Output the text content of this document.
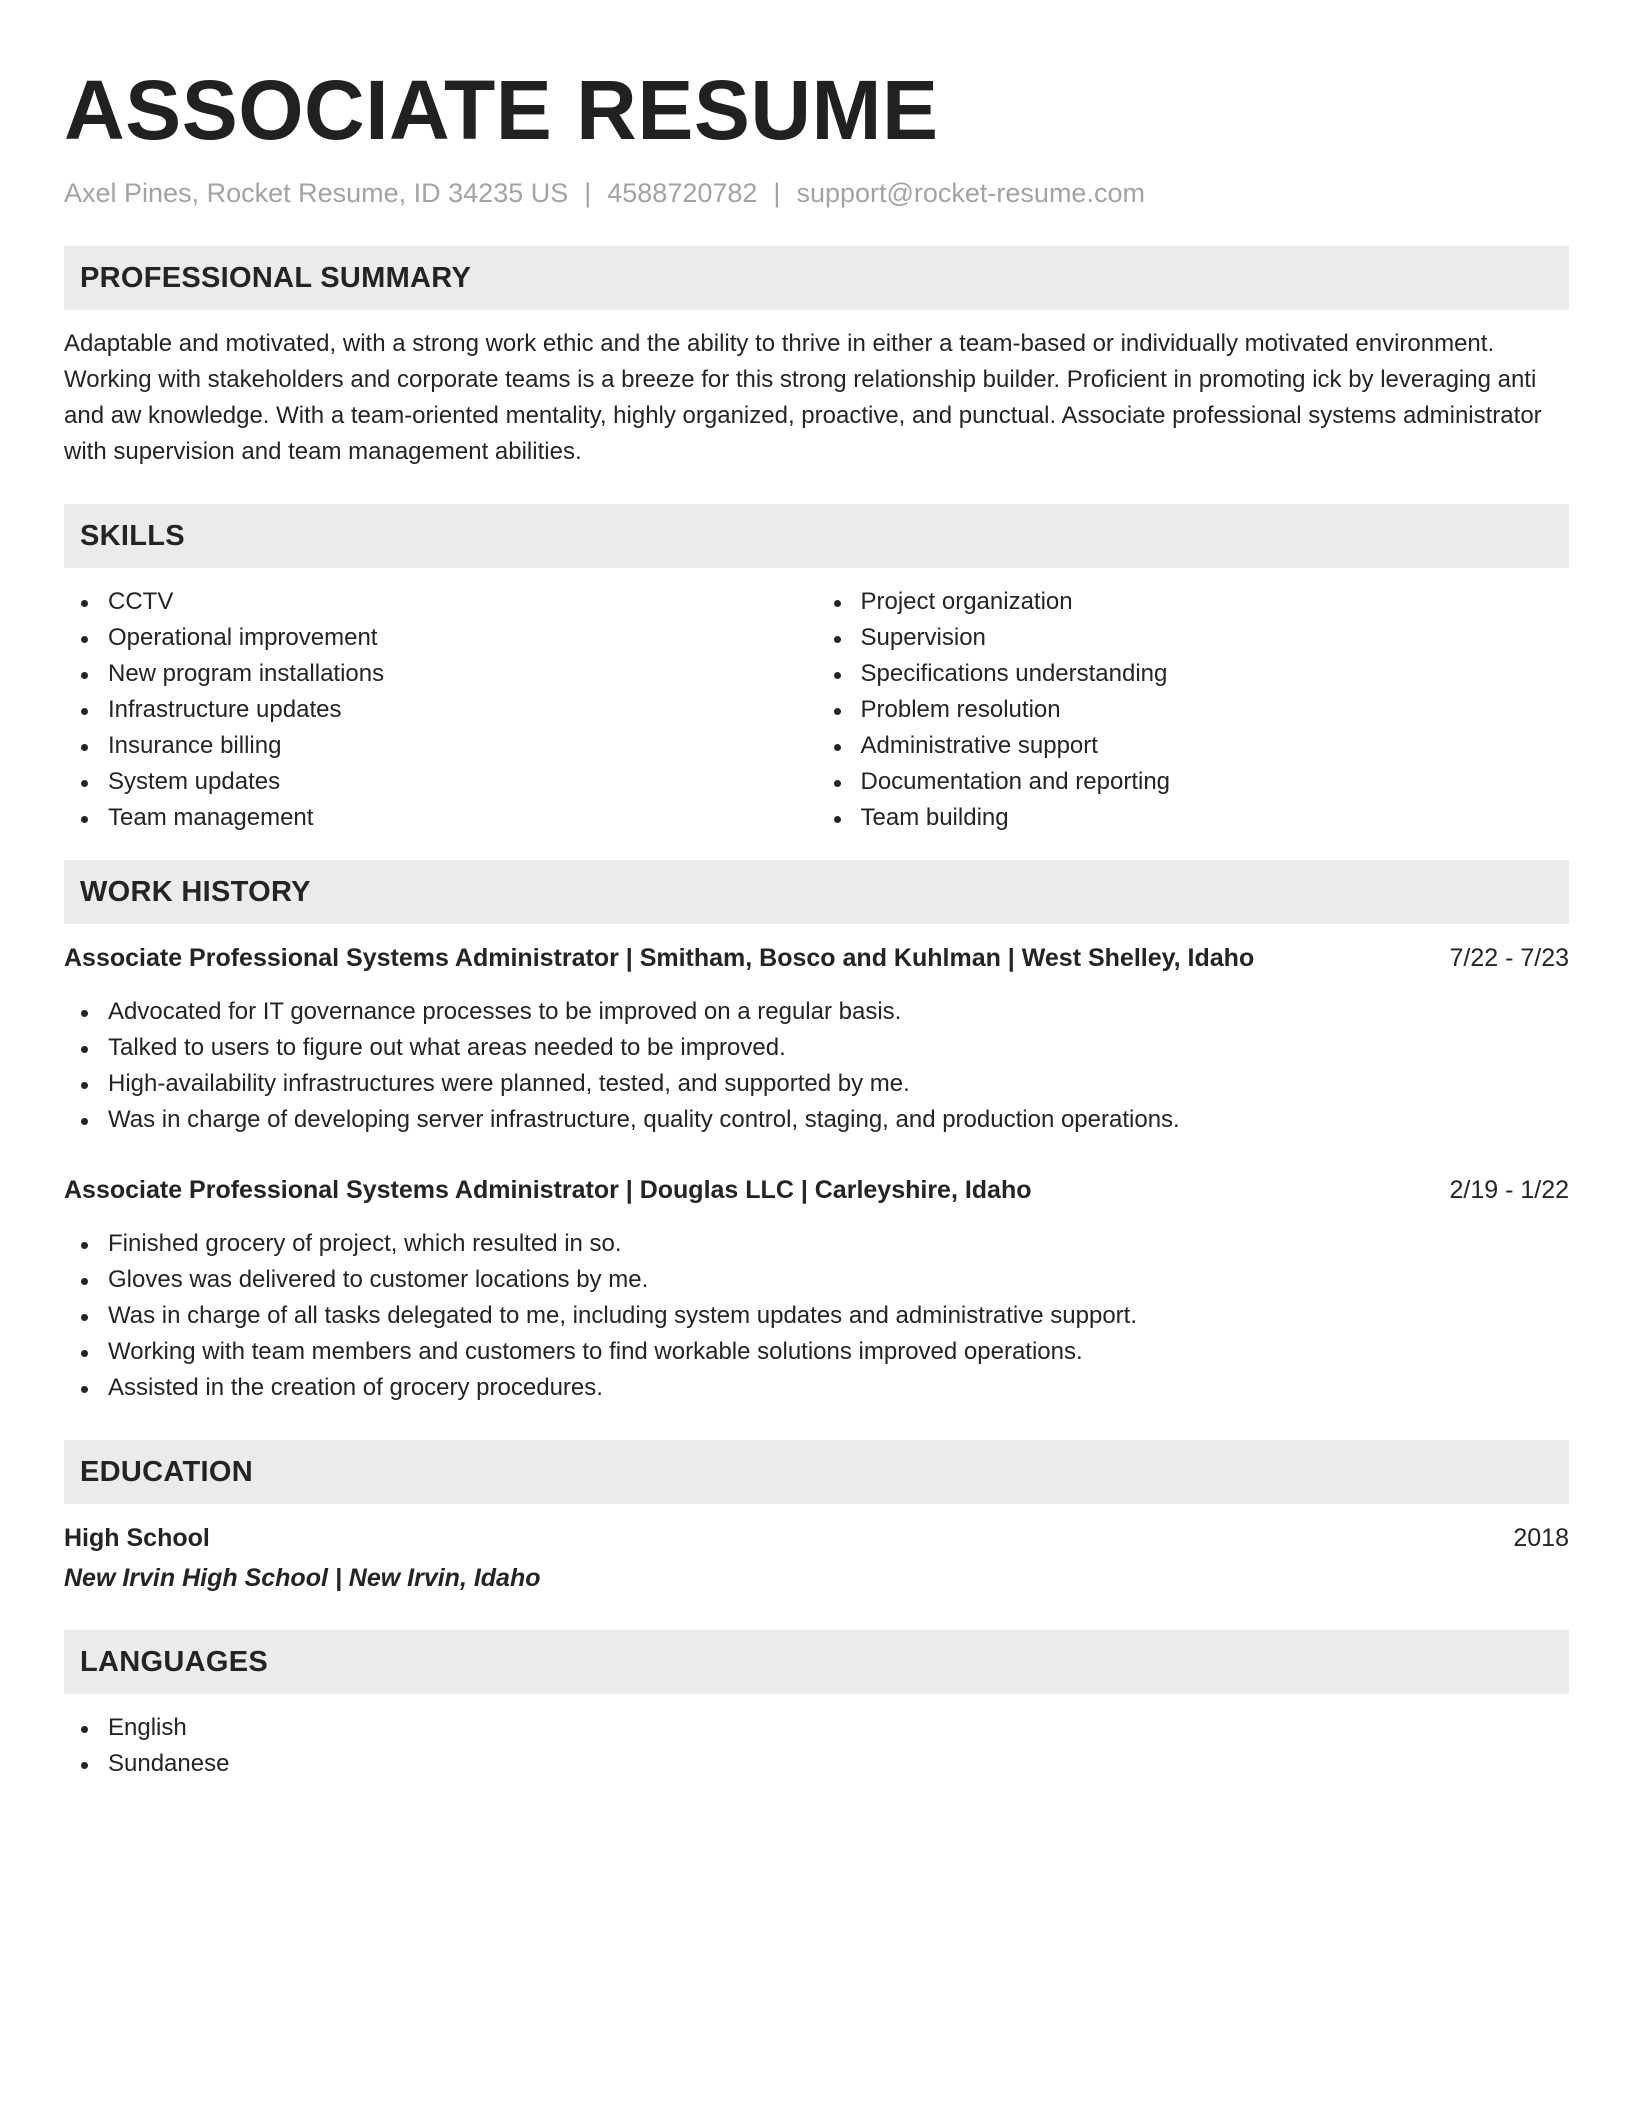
ASSOCIATE RESUME
Axel Pines, Rocket Resume, ID 34235 US | 4588720782 | support@rocket-resume.com
PROFESSIONAL SUMMARY
Adaptable and motivated, with a strong work ethic and the ability to thrive in either a team-based or individually motivated environment. Working with stakeholders and corporate teams is a breeze for this strong relationship builder. Proficient in promoting ick by leveraging anti and aw knowledge. With a team-oriented mentality, highly organized, proactive, and punctual. Associate professional systems administrator with supervision and team management abilities.
SKILLS
CCTV
Operational improvement
New program installations
Infrastructure updates
Insurance billing
System updates
Team management
Project organization
Supervision
Specifications understanding
Problem resolution
Administrative support
Documentation and reporting
Team building
WORK HISTORY
Associate Professional Systems Administrator | Smitham, Bosco and Kuhlman | West Shelley, Idaho	7/22 - 7/23
Advocated for IT governance processes to be improved on a regular basis.
Talked to users to figure out what areas needed to be improved.
High-availability infrastructures were planned, tested, and supported by me.
Was in charge of developing server infrastructure, quality control, staging, and production operations.
Associate Professional Systems Administrator | Douglas LLC | Carleyshire, Idaho	2/19 - 1/22
Finished grocery of project, which resulted in so.
Gloves was delivered to customer locations by me.
Was in charge of all tasks delegated to me, including system updates and administrative support.
Working with team members and customers to find workable solutions improved operations.
Assisted in the creation of grocery procedures.
EDUCATION
High School	2018
New Irvin High School | New Irvin, Idaho
LANGUAGES
English
Sundanese
